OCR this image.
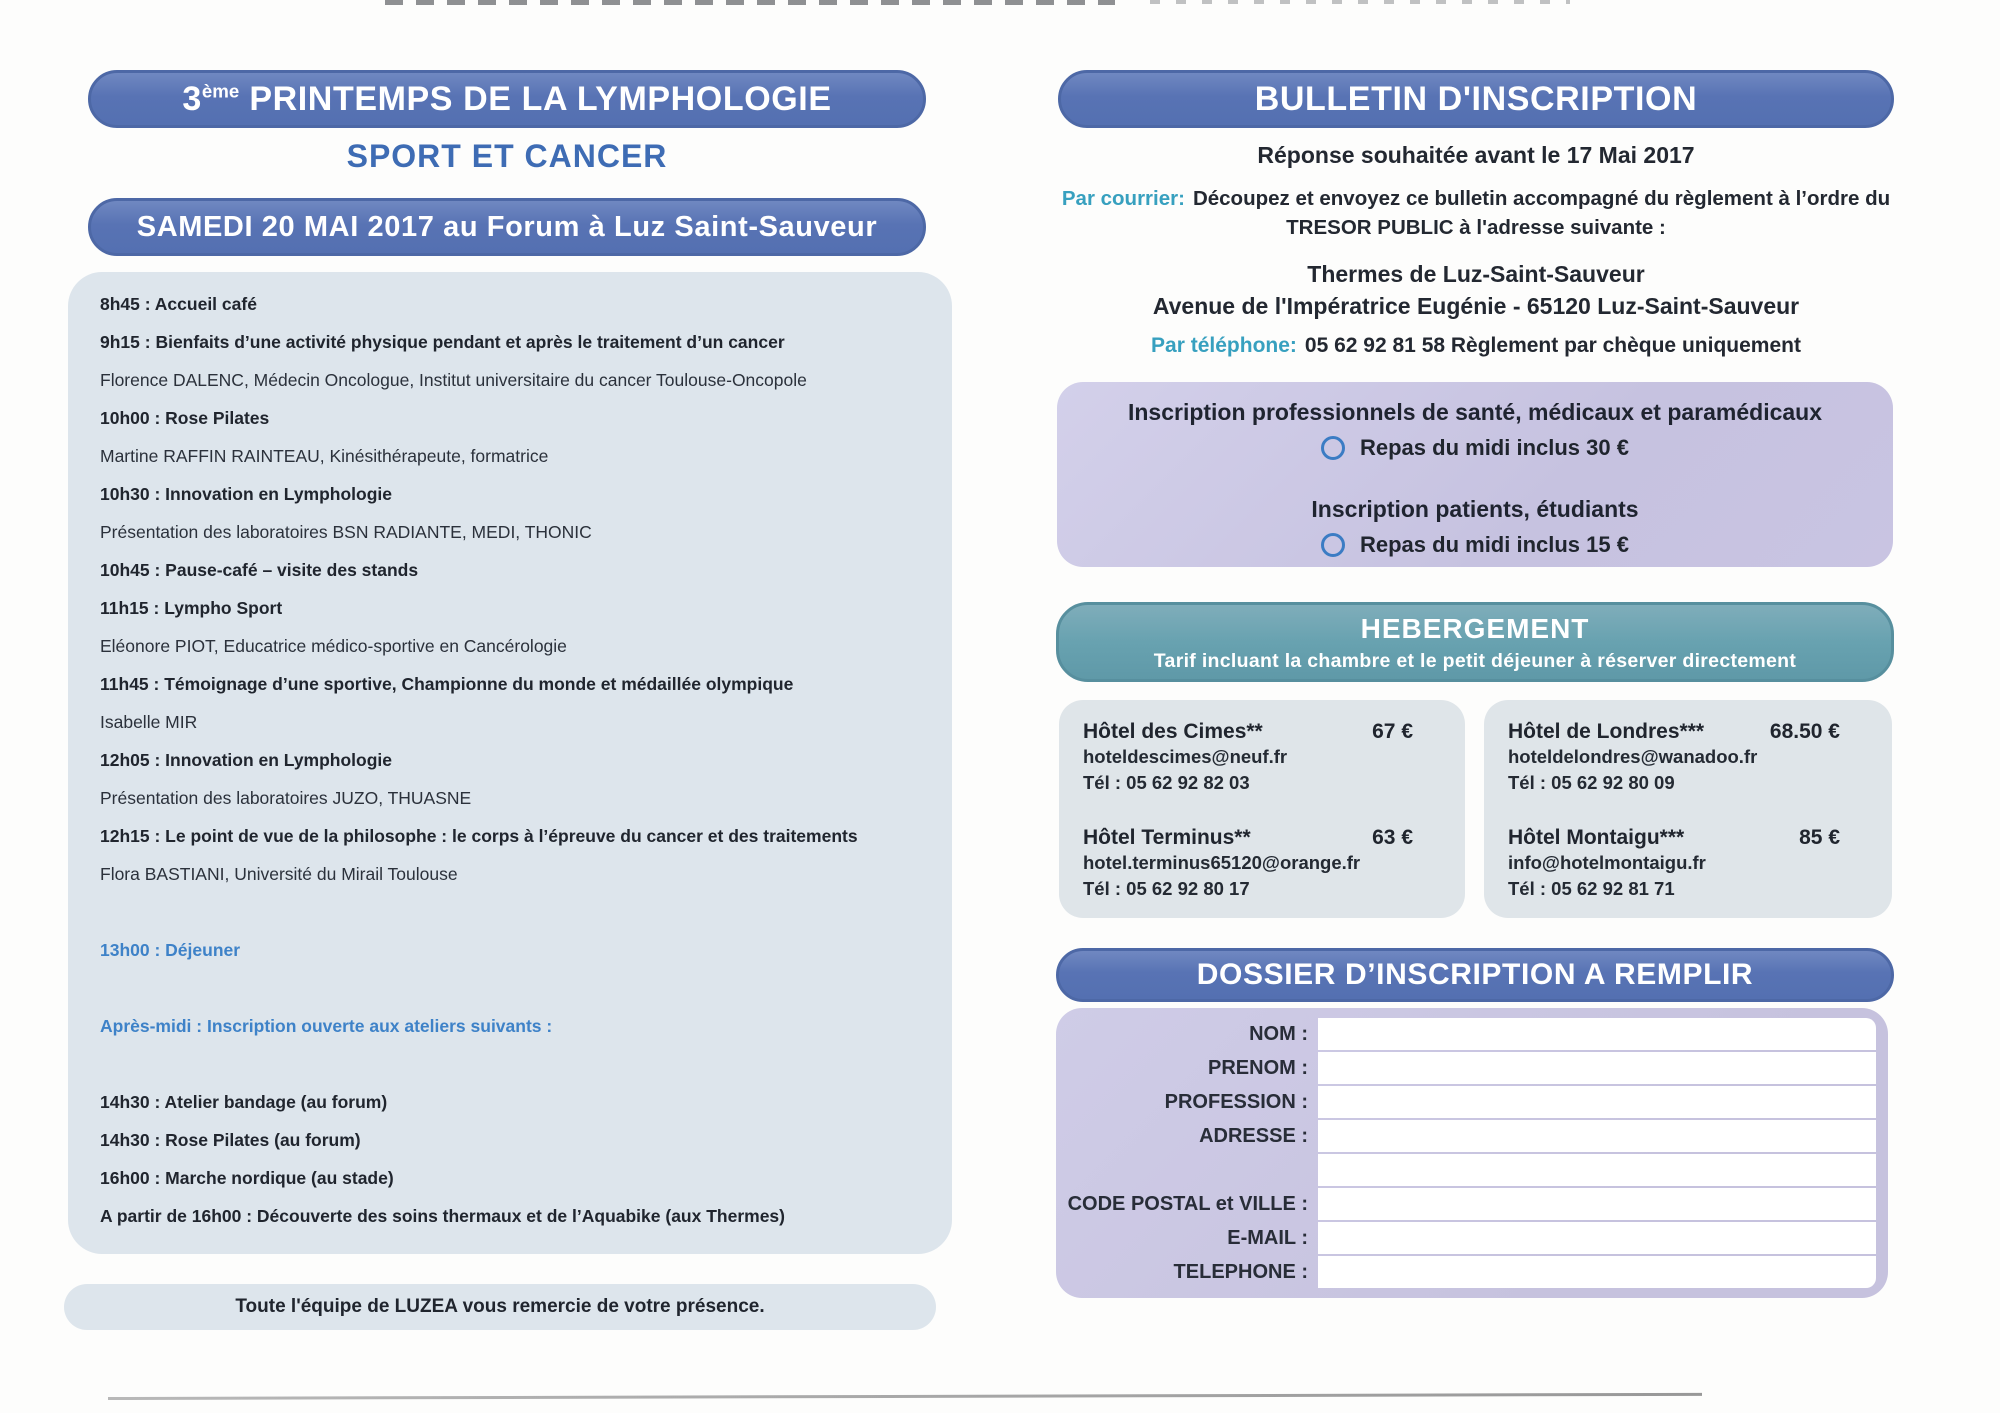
3ème PRINTEMPS DE LA LYMPHOLOGIE
SPORT ET CANCER
SAMEDI 20 MAI 2017 au Forum à Luz Saint-Sauveur
8h45 : Accueil café
9h15 : Bienfaits d’une activité physique pendant et après le traitement d’un cancer
Florence DALENC, Médecin Oncologue, Institut universitaire du cancer Toulouse-Oncopole
10h00 : Rose Pilates
Martine RAFFIN RAINTEAU, Kinésithérapeute, formatrice
10h30 : Innovation en Lymphologie
Présentation des laboratoires BSN RADIANTE, MEDI, THONIC
10h45 : Pause-café – visite des stands
11h15 : Lympho Sport
Eléonore PIOT, Educatrice médico-sportive en Cancérologie
11h45 : Témoignage d’une sportive, Championne du monde et médaillée olympique
Isabelle MIR
12h05 : Innovation en Lymphologie
Présentation des laboratoires JUZO, THUASNE
12h15 : Le point de vue de la philosophe : le corps à l’épreuve du cancer et des traitements
Flora BASTIANI, Université du Mirail Toulouse
13h00 : Déjeuner
Après-midi : Inscription ouverte aux ateliers suivants :
14h30 : Atelier bandage (au forum)
14h30 : Rose Pilates (au forum)
16h00 : Marche nordique (au stade)
A partir de 16h00 : Découverte des soins thermaux et de l’Aquabike (aux Thermes)
Toute l'équipe de LUZEA vous remercie de votre présence.
BULLETIN D'INSCRIPTION
Réponse souhaitée avant le 17 Mai 2017
Par courrier: Découpez et envoyez ce bulletin accompagné du règlement à l’ordre du TRESOR PUBLIC à l'adresse suivante :
Thermes de Luz-Saint-Sauveur
Avenue de l'Impératrice Eugénie - 65120 Luz-Saint-Sauveur
Par téléphone: 05 62 92 81 58 Règlement par chèque uniquement
Inscription professionnels de santé, médicaux et paramédicaux
Repas du midi inclus 30 €
Inscription patients, étudiants
Repas du midi inclus 15 €
HEBERGEMENT
Tarif incluant la chambre et le petit déjeuner à réserver directement
Hôtel des Cimes**	67 €
hoteldescimes@neuf.fr
Tél : 05 62 92 82 03
Hôtel Terminus**	63 €
hotel.terminus65120@orange.fr
Tél : 05 62 92 80 17
Hôtel de Londres***	68.50 €
hoteldelondres@wanadoo.fr
Tél : 05 62 92 80 09
Hôtel Montaigu***	85 €
info@hotelmontaigu.fr
Tél : 05 62 92 81 71
DOSSIER D’INSCRIPTION A REMPLIR
NOM :
PRENOM :
PROFESSION :
ADRESSE :
CODE POSTAL et VILLE :
E-MAIL :
TELEPHONE :
